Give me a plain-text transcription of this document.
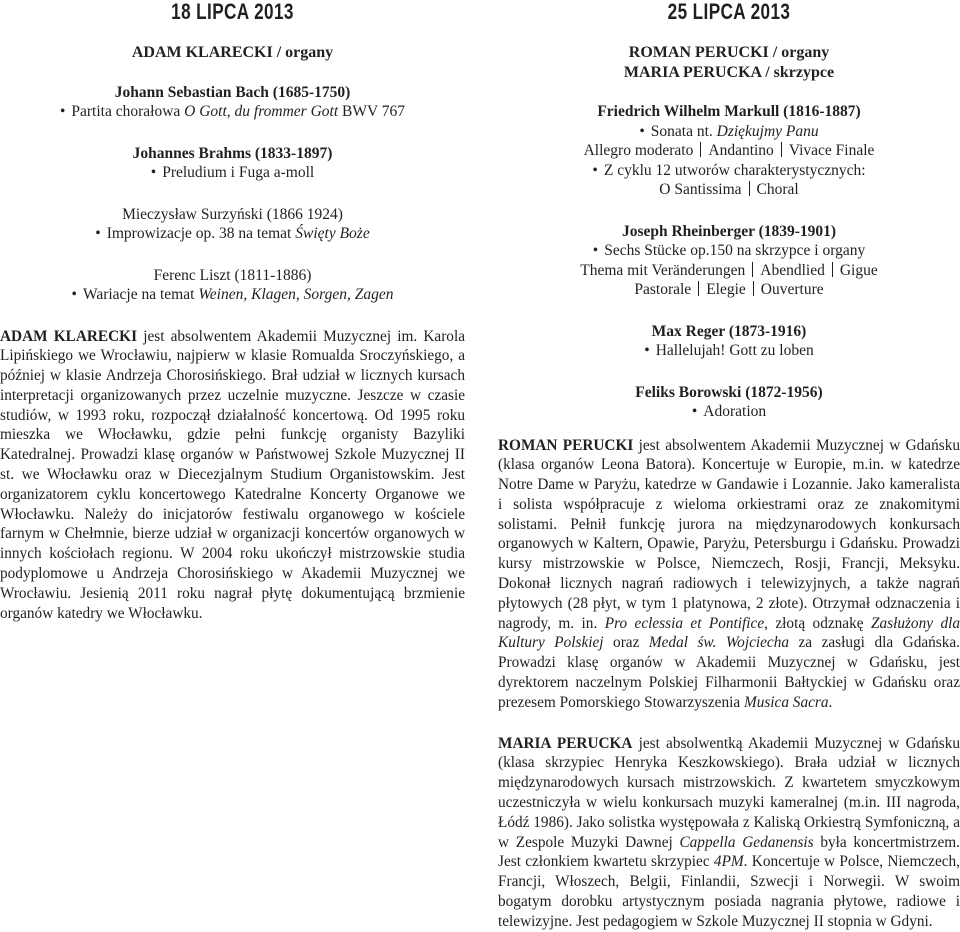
18 LIPCA 2013

ADAM KLARECKI / organy

Johann Sebastian Bach (1685-1750)

• Partita chorałowa O Gott, du frommer Gott BWV 767

Johannes Brahms (1833-1897)

• Preludium i Fuga a-moll

Mieczysław Surzyński (1866 1924)

• Improwizacje op. 38 na temat Święty Boże

Ferenc Liszt (1811-1886)

• Wariacje na temat Weinen, Klagen, Sorgen, Zagen

ADAM KLARECKI jest absolwentem Akademii Muzycznej im. Karola Lipińskiego we Wrocławiu, najpierw w klasie Romualda Sroczyńskiego, a później w klasie Andrzeja Chorosińskiego. Brał udział w licznych kursach interpretacji organizowanych przez uczelnie muzyczne. Jeszcze w czasie studiów, w 1993 roku, rozpoczął działalność koncertową. Od 1995 roku mieszka we Włocławku, gdzie pełni funkcję organisty Bazyliki Katedralnej. Prowadzi klasę organów w Państwowej Szkole Muzycznej II st. we Włocławku oraz w Diecezjalnym Studium Organistowskim. Jest organizatorem cyklu koncertowego Katedralne Koncerty Organowe we Włocławku. Należy do inicjatorów festiwalu organowego w kościele farnym w Chełmnie, bierze udział w organizacji koncertów organowych w innych kościołach regionu. W 2004 roku ukończył mistrzowskie studia podyplomowe u Andrzeja Chorosińskiego w Akademii Muzycznej we Wrocławiu. Jesienią 2011 roku nagrał płytę dokumentującą brzmienie organów katedry we Włocławku.

25 LIPCA 2013

ROMAN PERUCKI / organy

MARIA PERUCKA / skrzypce

Friedrich Wilhelm Markull (1816-1887)

• Sonata nt. Dziękujmy Panu

Allegro moderato Andantino Vivace Finale

• Z cyklu 12 utworów charakterystycznych:

O Santissima Choral

Joseph Rheinberger (1839-1901)

• Sechs Stücke op.150 na skrzypce i organy

Thema mit Veränderungen Abendlied Gigue

Pastorale Elegie Ouverture

Max Reger (1873-1916)

• Hallelujah! Gott zu loben

Feliks Borowski (1872-1956)

• Adoration

ROMAN PERUCKI jest absolwentem Akademii Muzycznej w Gdańsku (klasa organów Leona Batora). Koncertuje w Europie, m.in. w katedrze Notre Dame w Paryżu, katedrze w Gandawie i Lozannie. Jako kameralista i solista współpracuje z wieloma orkiestrami oraz ze znakomitymi solistami. Pełnił funkcję jurora na międzynarodowych konkursach organowych w Kaltern, Opawie, Paryżu, Petersburgu i Gdańsku. Prowadzi kursy mistrzowskie w Polsce, Niemczech, Rosji, Francji, Meksyku. Dokonał licznych nagrań radiowych i telewizyjnych, a także nagrań płytowych (28 płyt, w tym 1 platynowa, 2 złote). Otrzymał odznaczenia i nagrody, m. in. Pro eclessia et Pontifice, złotą odznakę Zasłużony dla Kultury Polskiej oraz Medal św. Wojciecha za zasługi dla Gdańska. Prowadzi klasę organów w Akademii Muzycznej w Gdańsku, jest dyrektorem naczelnym Polskiej Filharmonii Bałtyckiej w Gdańsku oraz prezesem Pomorskiego Stowarzyszenia Musica Sacra.

MARIA PERUCKA jest absolwentką Akademii Muzycznej w Gdańsku (klasa skrzypiec Henryka Keszkowskiego). Brała udział w licznych międzynarodowych kursach mistrzowskich. Z kwartetem smyczkowym uczestniczyła w wielu konkursach muzyki kameralnej (m.in. III nagroda, Łódź 1986). Jako solistka występowała z Kaliską Orkiestrą Symfoniczną, a w Zespole Muzyki Dawnej Cappella Gedanensis była koncertmistrzem. Jest członkiem kwartetu skrzypiec 4PM. Koncertuje w Polsce, Niemczech, Francji, Włoszech, Belgii, Finlandii, Szwecji i Norwegii. W swoim bogatym dorobku artystycznym posiada nagrania płytowe, radiowe i telewizyjne. Jest pedagogiem w Szkole Muzycznej II stopnia w Gdyni.
